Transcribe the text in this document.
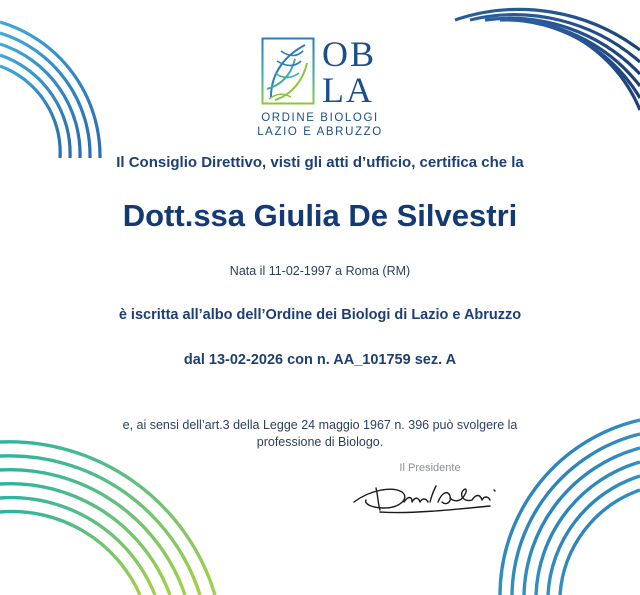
OB
LA
ORDINE BIOLOGI
LAZIO E ABRUZZO
Il Consiglio Direttivo, visti gli atti d’ufficio, certifica che la
Dott.ssa Giulia De Silvestri
Nata il 11-02-1997 a Roma (RM)
è iscritta all’albo dell’Ordine dei Biologi di Lazio e Abruzzo
dal 13-02-2026 con n. AA_101759 sez. A
e, ai sensi dell’art.3 della Legge 24 maggio 1967 n. 396 può svolgere la
professione di Biologo.
Il Presidente
